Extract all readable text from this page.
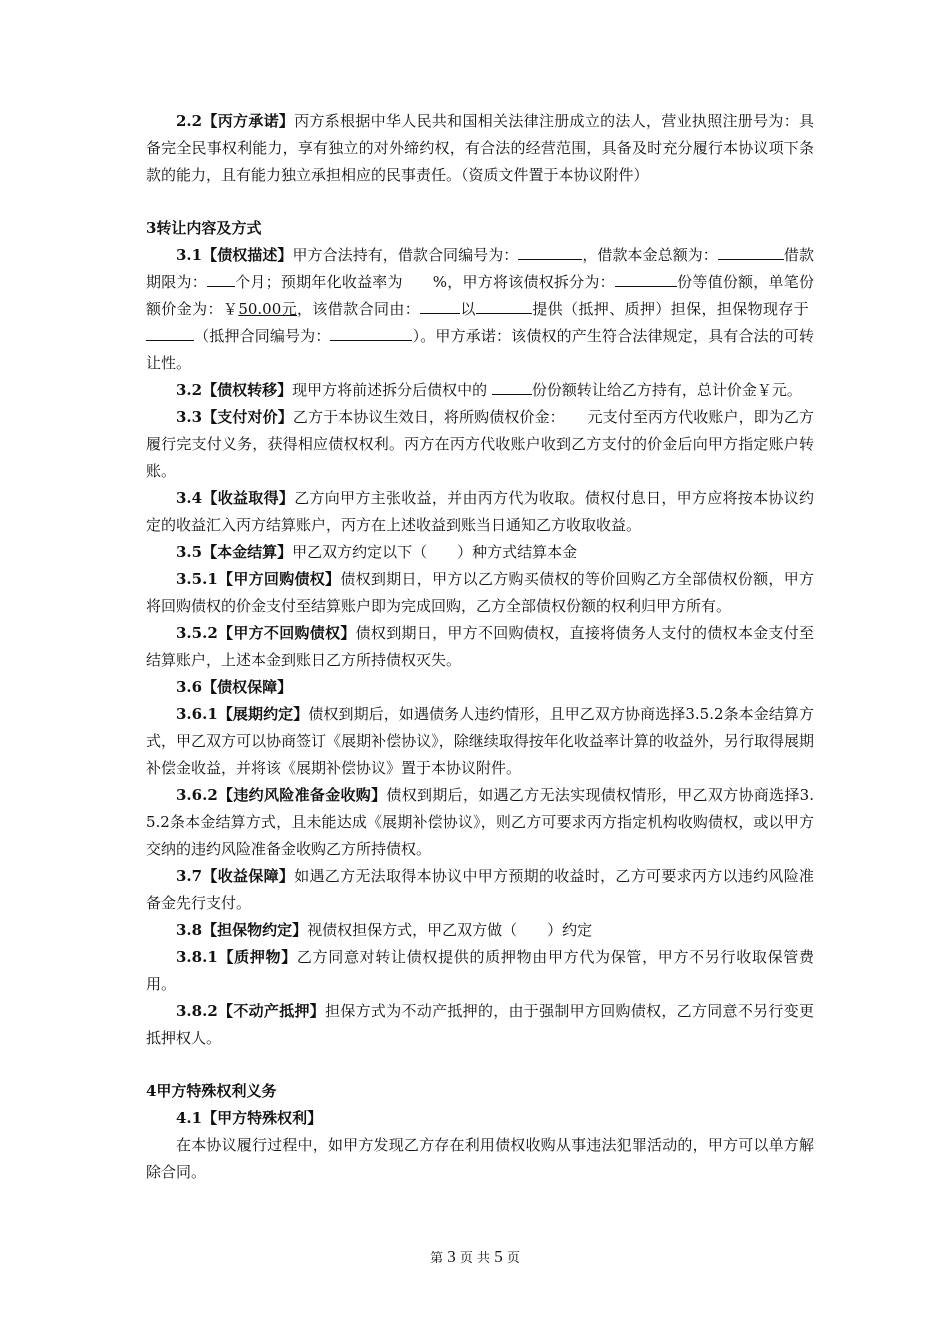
2.2【丙方承诺】丙方系根据中华人民共和国相关法律注册成立的法人，营业执照注册号为：具备完全民事权利能力，享有独立的对外缔约权，有合法的经营范围，具备及时充分履行本协议项下条款的能力，且有能力独立承担相应的民事责任。（资质文件置于本协议附件）

3转让内容及方式

3.1【债权描述】甲方合法持有，借款合同编号为：	，借款本金总额为：	借款期限为： 个月；预期年化收益率为 %，甲方将该债权拆分为：	份等值份额，单笔份额价金为：￥50.00元，该借款合同由：	以	提供（抵押、质押）担保，担保物现存于 （抵押合同编号为：	）。甲方承诺：该债权的产生符合法律规定，具有合法的可转让性。

3.2【债权转移】现甲方将前述拆分后债权中的	份份额转让给乙方持有，总计价金￥元。

3.3【支付对价】乙方于本协议生效日，将所购债权价金：　　元支付至丙方代收账户，即为乙方履行完支付义务，获得相应债权权利。丙方在丙方代收账户收到乙方支付的价金后向甲方指定账户转账。

3.4【收益取得】乙方向甲方主张收益，并由丙方代为收取。债权付息日，甲方应将按本协议约定的收益汇入丙方结算账户，丙方在上述收益到账当日通知乙方收取收益。

3.5【本金结算】甲乙双方约定以下（　　）种方式结算本金

3.5.1【甲方回购债权】债权到期日，甲方以乙方购买债权的等价回购乙方全部债权份额，甲方将回购债权的价金支付至结算账户即为完成回购，乙方全部债权份额的权利归甲方所有。

3.5.2【甲方不回购债权】债权到期日，甲方不回购债权，直接将债务人支付的债权本金支付至结算账户，上述本金到账日乙方所持债权灭失。

3.6【债权保障】

3.6.1【展期约定】债权到期后，如遇债务人违约情形，且甲乙双方协商选择3.5.2条本金结算方式，甲乙双方可以协商签订《展期补偿协议》，除继续取得按年化收益率计算的收益外，另行取得展期补偿金收益，并将该《展期补偿协议》置于本协议附件。

3.6.2【违约风险准备金收购】债权到期后，如遇乙方无法实现债权情形，甲乙双方协商选择3.5.2条本金结算方式，且未能达成《展期补偿协议》，则乙方可要求丙方指定机构收购债权，或以甲方交纳的违约风险准备金收购乙方所持债权。

3.7【收益保障】如遇乙方无法取得本协议中甲方预期的收益时，乙方可要求丙方以违约风险准备金先行支付。

3.8【担保物约定】视债权担保方式，甲乙双方做（　　）约定

3.8.1【质押物】乙方同意对转让债权提供的质押物由甲方代为保管，甲方不另行收取保管费用。

3.8.2【不动产抵押】担保方式为不动产抵押的，由于强制甲方回购债权，乙方同意不另行变更抵押权人。

4甲方特殊权利义务

4.1【甲方特殊权利】

在本协议履行过程中，如甲方发现乙方存在利用债权收购从事违法犯罪活动的，甲方可以单方解除合同。

第 3 页 共 5 页
